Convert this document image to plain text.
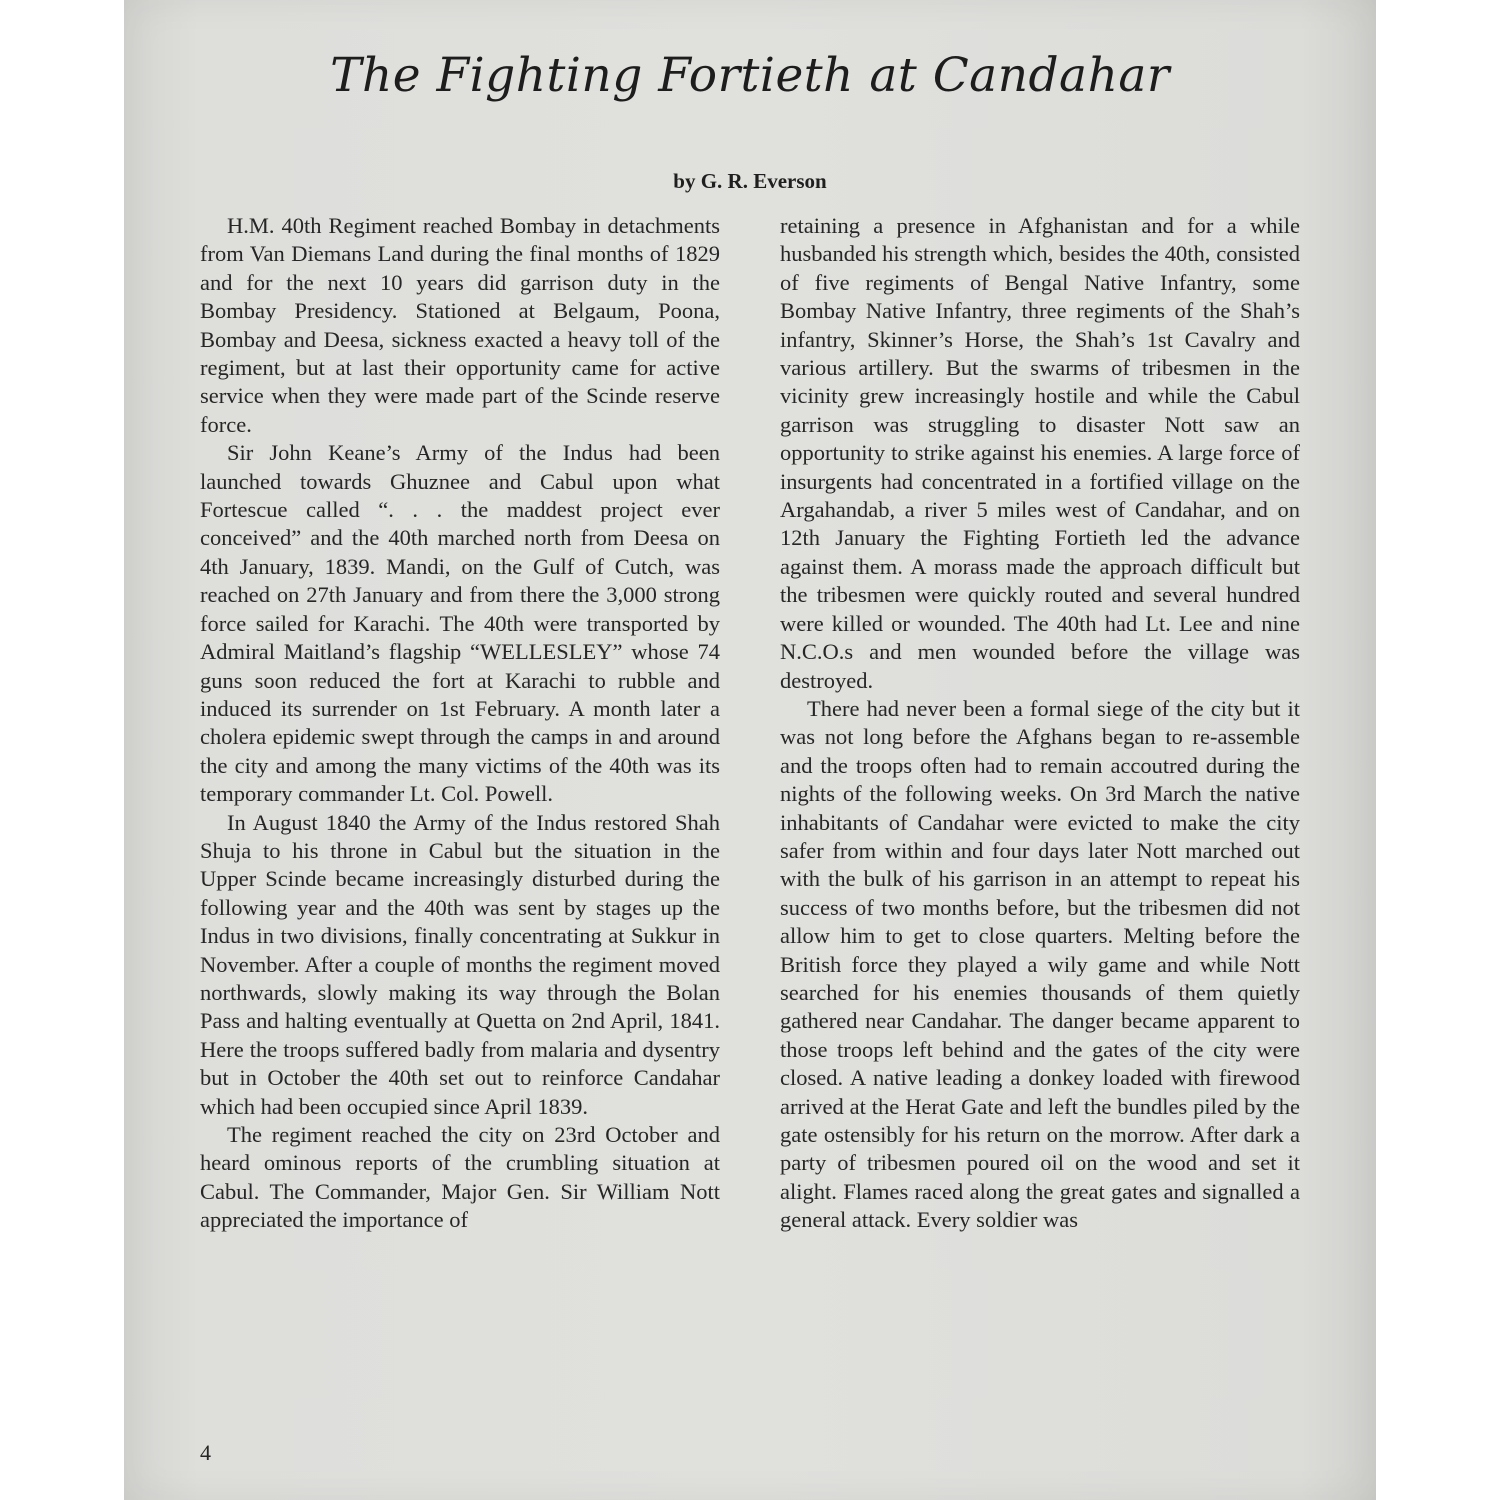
The Fighting Fortieth at Candahar
by G. R. Everson

H.M. 40th Regiment reached Bombay in detachments from Van Diemans Land during the final months of 1829 and for the next 10 years did garrison duty in the Bombay Presidency. Stationed at Belgaum, Poona, Bombay and Deesa, sickness exacted a heavy toll of the regiment, but at last their opportunity came for active service when they were made part of the Scinde reserve force.

Sir John Keane’s Army of the Indus had been launched towards Ghuznee and Cabul upon what Fortescue called “. . . the maddest project ever conceived” and the 40th marched north from Deesa on 4th January, 1839. Mandi, on the Gulf of Cutch, was reached on 27th January and from there the 3,000 strong force sailed for Karachi. The 40th were transported by Admiral Maitland’s flagship “WELLESLEY” whose 74 guns soon reduced the fort at Karachi to rubble and induced its surrender on 1st February. A month later a cholera epidemic swept through the camps in and around the city and among the many victims of the 40th was its temporary commander Lt. Col. Powell.

In August 1840 the Army of the Indus restored Shah Shuja to his throne in Cabul but the situation in the Upper Scinde became increasingly disturbed during the following year and the 40th was sent by stages up the Indus in two divisions, finally concentrating at Sukkur in November. After a couple of months the regiment moved northwards, slowly making its way through the Bolan Pass and halting eventually at Quetta on 2nd April, 1841. Here the troops suffered badly from malaria and dysentry but in October the 40th set out to reinforce Candahar which had been occupied since April 1839.

The regiment reached the city on 23rd October and heard ominous reports of the crumbling situation at Cabul. The Commander, Major Gen. Sir William Nott appreciated the importance of

retaining a presence in Afghanistan and for a while husbanded his strength which, besides the 40th, consisted of five regiments of Bengal Native Infantry, some Bombay Native Infantry, three regiments of the Shah’s infantry, Skinner’s Horse, the Shah’s 1st Cavalry and various artillery. But the swarms of tribesmen in the vicinity grew increasingly hostile and while the Cabul garrison was struggling to disaster Nott saw an opportunity to strike against his enemies. A large force of insurgents had concentrated in a fortified village on the Argahandab, a river 5 miles west of Candahar, and on 12th January the Fighting Fortieth led the advance against them. A morass made the approach difficult but the tribesmen were quickly routed and several hundred were killed or wounded. The 40th had Lt. Lee and nine N.C.O.s and men wounded before the village was destroyed.

There had never been a formal siege of the city but it was not long before the Afghans began to re-assemble and the troops often had to remain accoutred during the nights of the following weeks. On 3rd March the native inhabitants of Candahar were evicted to make the city safer from within and four days later Nott marched out with the bulk of his garrison in an attempt to repeat his success of two months before, but the tribesmen did not allow him to get to close quarters. Melting before the British force they played a wily game and while Nott searched for his enemies thousands of them quietly gathered near Candahar. The danger became apparent to those troops left behind and the gates of the city were closed. A native leading a donkey loaded with firewood arrived at the Herat Gate and left the bundles piled by the gate ostensibly for his return on the morrow. After dark a party of tribesmen poured oil on the wood and set it alight. Flames raced along the great gates and signalled a general attack. Every soldier was

4
